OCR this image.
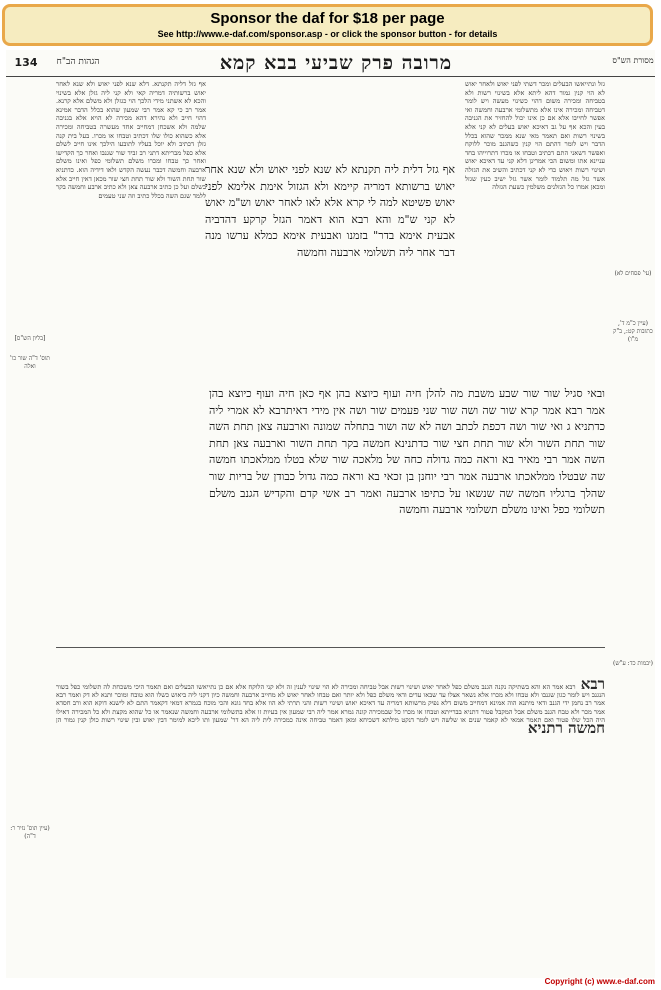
Sponsor the daf for $18 per page
See http://www.e-daf.com/sponsor.asp - or click the sponsor button - for details
134	הגהות הב"ח	מרובה פרק שביעי בבא קמא	מסורת הש"ס
(עי' פסחים לא)
(עיין כ"מ ד', כתובות קט:, ב"ק מ"ו)
(יבמות כד: ע"ש)
[בליון הש"ס]
תוס' ד"ה שור כו' ואלה
(עיין תוס' נזיר ר: ד"ה)
גזל ונתייאשו הבעלים ומכר דשתי לפני יאוש ולאחר יאוש לא הוי קנין גמור דהא ליתא אלא בשינוי רשות ולא בטביחה ומכירה משום דהוי כשינוי מעשה ויש לומר דטביחה ומכירה אינו אלא מתשלומי ארבעה וחמשה ואי אפשר לחייבו אלא אם כן אינו יכול להחזיר את הגניבה בעין והכא אף על גב דאיכא יאוש בעלים לא קני אלא בשינוי רשות ואם תאמר מאי שנא ממכר שהוא בכלל הדבר ויש לומר דהתם הוי קנין כשהגנב מוכר ללוקח ואפשר דשאני התם דכתיב וטבחו או מכרו דתרוייהו בחד עניינא אתו ומשום הכי אמרינן דלא קני עד דאיכא יאוש ושינוי רשות ויאוש כדי לא קני דכתיב והשיב את הגזלה אשר גזל מה תלמוד לומר אשר גזל ישיב כעין שגזל ומכאן אמרו כל הגזלנים משלמין כשעת הגזלה
אף גזל דליה תקנתא. דלא שנא לפני יאוש ולא שנא לאחר יאוש ברשותיה דמריה קאי ולא קני ליה גזלן אלא בשינוי והכא לא אשתני מידי הלכך הוי כגזלן ולא משלם אלא קרנא. אמר רב כי קא אמר רבי שמעון שהוא בכלל הדבר אמינא דהוי חייב ולא נהירא דהא מכירה לא הויא אלא בגניבה שלמה ולא אשכחן דמחייב אחד מעשרה בטביחה ומכירה אלא כשהוא כולו שלו דכתיב וטבחו או מכרו. בעל בית קנה גזלן דכתיב ולא יוכל בעליו לתובעו הילכך אינו חייב לשלם אלא כפל מבריתא דתני רב זביד שור שגנבו ואחר כך הקדישו ואחר כך טבחו ומכרו משלם תשלומי כפל ואינו משלם ארבעה וחמשה דכבר נעשה הקדש ולאו דידיה הוא. כדתניא שור תחת השור ולא שור תחת חצי שור מכאן דאין חייב אלא בשלם ועל כן כתיב ארבעה צאן ולא כתיב ארבע וחמשה בקר ללמד שגם השה בכלל כתיב וזה שני טעמים
אף גזל דלית ליה תקנתא לא שנא לפני יאוש ולא שנא אחר יאוש ברשותא דמריה קיימא ולא הגזול אימת אלימא לפני יאוש פשיטא למה לי קרא אלא לאו לאחר יאוש וש"מ יאוש לא קני ש"מ והא רבא הוא דאמר הגזל קרקע דהדביה אבעית אימא בדר" בזמנו ואבעית אימא כמלא ערשו מנה דבר אחר ליה תשלומי ארבעה וחמשה
ובאי סגיל שור שור שבע משבת מה להלן חיה ועוף כיוצא בהן אף כאן חיה ועוף כיוצא בהן אמר רבא אמר קרא שור שה ושה שור שני פעמים שור ושה אין מידי דאיתרבא לא אמרי ליה כדתניא ג ואי שור ושה דכפת לכתב ושה לא שה ושור בתחלה שמונה וארבעה צאן תחת השה שור תחת השור ולא שור תחת חצי שור כדתנינא חמשה בקר תחת השור וארבעה צאן תחת השה אמר רבי מאיר בא וראה כמה גדולה כחה של מלאכה שור שלא בטלו ממלאכתו חמשה שה שבטלו ממלאכתו ארבעה אמר רבי יוחנן בן זכאי בא וראה כמה גדול כבודן של בריות שור שהלך ברגליו חמשה שה שנשאו על כתיפו ארבעה ואמר רב אשי קדם והקדיש הגנב משלם תשלומי כפל ואינו משלם תשלומי ארבעה וחמשה
רבא רבא אמר הא והא בשתיקה נקנה הגנב משלם כפל לאחר יאוש ושינוי רשות אבל טביחה ומכירה לא הוי שינוי לענין זה ולא קני הלוקח אלא אם כן נתייאשו הבעלים ואם תאמר היכי משכחת לה תשלומי כפל בשור הנגנב ויש לומר כגון שגנבו ולא טבחו ולא מכרו אלא נשאר אצלו עד שבאו עדים ודאי משלם כפל ולא יותר ואם טבחו לאחר יאוש לא מחייב ארבעה וחמשה כיון דקני ליה ביאוש כשלו הוא טובח ומוכר ותנא לא דק ואמר רבא אמר רב נחמן ידי הגנב ודאי מיתנא הוה אמינא דמחייב משום דלא נפיק מרשותא דמריה עד דאיכא יאוש ושינוי רשות והני תרתי לא הוו אלא בחד גונא והכי מוכח בגמרא דמאי דקאמר התם לא לישנא דוקא הוא ורב חסדא אמר מכר ולא טבח הגנב משלם אבל המקבל פטור דתניא בברייתא וטבחו או מכרו כל שבמכירה קונה גמרא אמר ליה רבי שמעון אין בעיות זו אלא בתשלומי ארבעה וחמשה שנאמר או כל שהוא מקצת ולא כל המכירה דאילו היה הכל שלו פטור ואם תאמר אמאי לא קאמר שנים או שלשה ויש לומר דנקט מילתא דשכיחא ומאן דאמר טביחה אינה כמכירה לית ליה הא דר' שמעון ותו ליכא למימר דבין יאוש ובין שינוי רשות כולן קנין גמור הן חמשה רתניא
Copyright (c) www.e-daf.com
